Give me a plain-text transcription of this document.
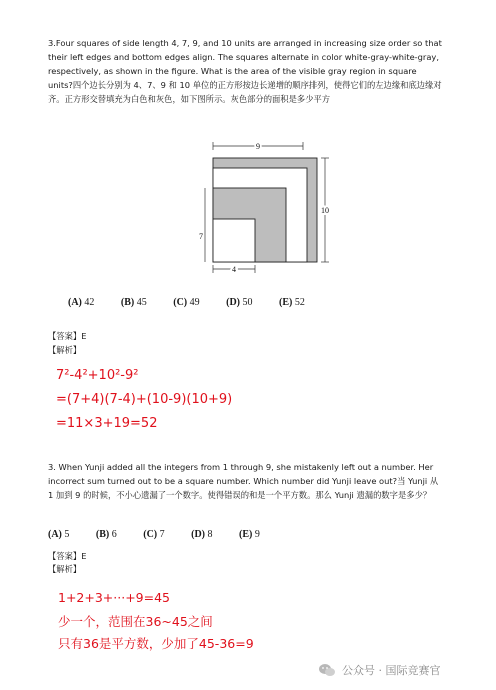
3.Four squares of side length 4, 7, 9, and 10 units are arranged in increasing size order so that their left edges and bottom edges align. The squares alternate in color white-gray-white-gray, respectively, as shown in the figure. What is the area of the visible gray region in square units?四个边长分别为 4、7、9 和 10 单位的正方形按边长递增的顺序排列，使得它们的左边缘和底边缘对齐。正方形交替填充为白色和灰色，如下图所示。灰色部分的面积是多少平方
9
10
7
4
(A) 42	(B) 45	(C) 49	(D) 50	(E) 52
【答案】E
【解析】
7²-4²+10²-9²
=(7+4)(7-4)+(10-9)(10+9)
=11×3+19=52
3. When Yunji added all the integers from 1 through 9, she mistakenly left out a number. Her incorrect sum turned out to be a square number. Which number did Yunji leave out?当 Yunji 从 1 加到 9 的时候，不小心遗漏了一个数字。使得错误的和是一个平方数。那么 Yunji 遗漏的数字是多少？
(A) 5	(B) 6	(C) 7	(D) 8	(E) 9
【答案】E
【解析】
1+2+3+···+9=45
少一个，范围在36~45之间
只有36是平方数，少加了45-36=9
公众号 · 国际竞赛官
